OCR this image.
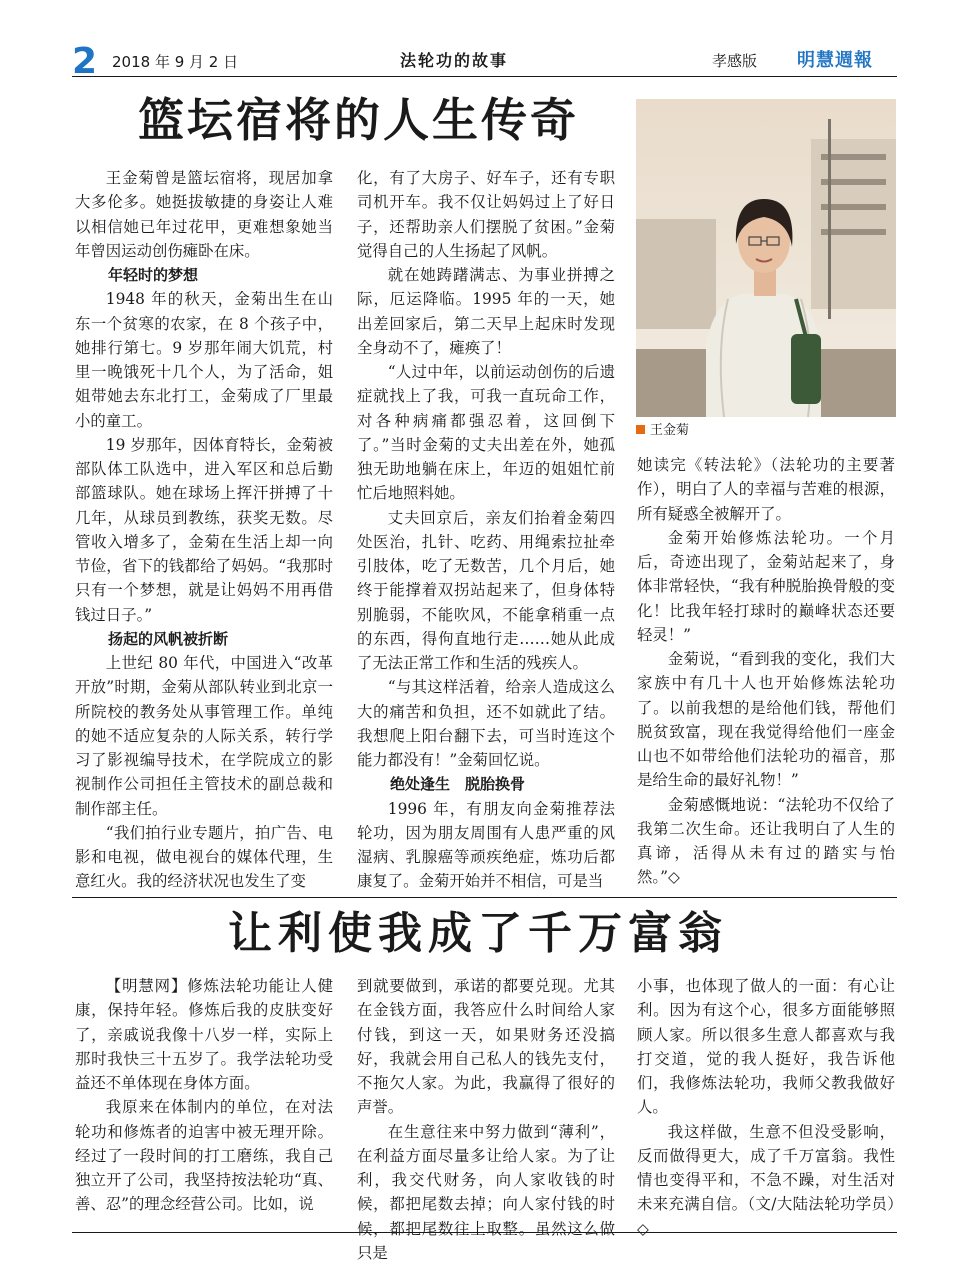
2 2018 年 9 月 2 日	法轮功的故事	孝感版 明慧週報
篮坛宿将的人生传奇

王金菊曾是篮坛宿将，现居加拿大多伦多。她挺拔敏捷的身姿让人难以相信她已年过花甲，更难想象她当年曾因运动创伤瘫卧在床。

年轻时的梦想

1948 年的秋天，金菊出生在山东一个贫寒的农家，在 8 个孩子中，她排行第七。9 岁那年闹大饥荒，村里一晚饿死十几个人，为了活命，姐姐带她去东北打工，金菊成了厂里最小的童工。

19 岁那年，因体育特长，金菊被部队体工队选中，进入军区和总后勤部篮球队。她在球场上挥汗拼搏了十几年，从球员到教练，获奖无数。尽管收入增多了，金菊在生活上却一向节俭，省下的钱都给了妈妈。“我那时只有一个梦想，就是让妈妈不用再借钱过日子。”

扬起的风帆被折断

上世纪 80 年代，中国进入“改革开放”时期，金菊从部队转业到北京一所院校的教务处从事管理工作。单纯的她不适应复杂的人际关系，转行学习了影视编导技术，在学院成立的影视制作公司担任主管技术的副总裁和制作部主任。

“我们拍行业专题片，拍广告、电影和电视，做电视台的媒体代理，生意红火。我的经济状况也发生了变

化，有了大房子、好车子，还有专职司机开车。我不仅让妈妈过上了好日子，还帮助亲人们摆脱了贫困。”金菊觉得自己的人生扬起了风帆。

就在她踌躇满志、为事业拼搏之际，厄运降临。1995 年的一天，她出差回家后，第二天早上起床时发现全身动不了，瘫痪了！

“人过中年，以前运动创伤的后遗症就找上了我，可我一直玩命工作，对各种病痛都强忍着，这回倒下了。”当时金菊的丈夫出差在外，她孤独无助地躺在床上，年迈的姐姐忙前忙后地照料她。

丈夫回京后，亲友们抬着金菊四处医治，扎针、吃药、用绳索拉扯牵引肢体，吃了无数苦，几个月后，她终于能撑着双拐站起来了，但身体特别脆弱，不能吹风，不能拿稍重一点的东西，得佝直地行走……她从此成了无法正常工作和生活的残疾人。

“与其这样活着，给亲人造成这么大的痛苦和负担，还不如就此了结。我想爬上阳台翻下去，可当时连这个能力都没有！”金菊回忆说。

绝处逢生　脱胎换骨

1996 年，有朋友向金菊推荐法轮功，因为朋友周围有人患严重的风湿病、乳腺癌等顽疾绝症，炼功后都康复了。金菊开始并不相信，可是当

王金菊

她读完《转法轮》（法轮功的主要著作），明白了人的幸福与苦难的根源，所有疑惑全被解开了。

金菊开始修炼法轮功。一个月后，奇迹出现了，金菊站起来了，身体非常轻快，“我有种脱胎换骨般的变化！比我年轻打球时的巅峰状态还要轻灵！”

金菊说，“看到我的变化，我们大家族中有几十人也开始修炼法轮功了。以前我想的是给他们钱，帮他们脱贫致富，现在我觉得给他们一座金山也不如带给他们法轮功的福音，那是给生命的最好礼物！”

金菊感慨地说：“法轮功不仅给了我第二次生命。还让我明白了人生的真谛，活得从未有过的踏实与怡然。”◇

让利使我成了千万富翁

【明慧网】修炼法轮功能让人健康，保持年轻。修炼后我的皮肤变好了，亲戚说我像十八岁一样，实际上那时我快三十五岁了。我学法轮功受益还不单体现在身体方面。

我原来在体制内的单位，在对法轮功和修炼者的迫害中被无理开除。经过了一段时间的打工磨练，我自己独立开了公司，我坚持按法轮功“真、善、忍”的理念经营公司。比如，说

到就要做到，承诺的都要兑现。尤其在金钱方面，我答应什么时间给人家付钱，到这一天，如果财务还没搞好，我就会用自己私人的钱先支付，不拖欠人家。为此，我赢得了很好的声誉。

在生意往来中努力做到“薄利”，在利益方面尽量多让给人家。为了让利，我交代财务，向人家收钱的时候，都把尾数去掉；向人家付钱的时候，都把尾数往上取整。虽然这么做只是

小事，也体现了做人的一面：有心让利。因为有这个心，很多方面能够照顾人家。所以很多生意人都喜欢与我打交道，觉的我人挺好，我告诉他们，我修炼法轮功，我师父教我做好人。

我这样做，生意不但没受影响，反而做得更大，成了千万富翁。我性情也变得平和，不急不躁，对生活对未来充满自信。（文/大陆法轮功学员）◇
